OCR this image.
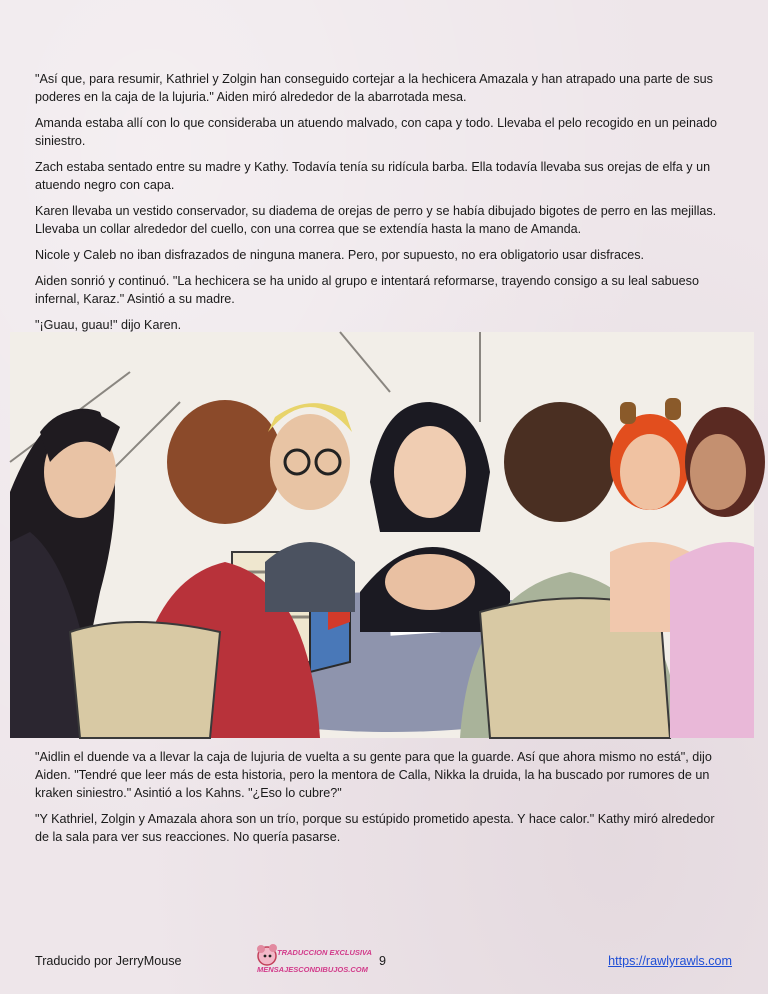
"Así que, para resumir, Kathriel y Zolgin han conseguido cortejar a la hechicera Amazala y han atrapado una parte de sus poderes en la caja de la lujuria." Aiden miró alrededor de la abarrotada mesa.

Amanda estaba allí con lo que consideraba un atuendo malvado, con capa y todo. Llevaba el pelo recogido en un peinado siniestro.

Zach estaba sentado entre su madre y Kathy. Todavía tenía su ridícula barba. Ella todavía llevaba sus orejas de elfa y un atuendo negro con capa.

Karen llevaba un vestido conservador, su diadema de orejas de perro y se había dibujado bigotes de perro en las mejillas. Llevaba un collar alrededor del cuello, con una correa que se extendía hasta la mano de Amanda.

Nicole y Caleb no iban disfrazados de ninguna manera. Pero, por supuesto, no era obligatorio usar disfraces.

Aiden sonrió y continuó. "La hechicera se ha unido al grupo e intentará reformarse, trayendo consigo a su leal sabueso infernal, Karaz." Asintió a su madre.

"¡Guau, guau!" dijo Karen.

"Aidlin el duende va a llevar la caja de lujuria de vuelta a su gente para que la guarde. Así que ahora mismo no está", dijo Aiden. "Tendré que leer más de esta historia, pero la mentora de Calla, Nikka la druida, la ha buscado por rumores de un kraken siniestro." Asintió a los Kahns. "¿Eso lo cubre?"

"Y Kathriel, Zolgin y Amazala ahora son un trío, porque su estúpido prometido apesta. Y hace calor." Kathy miró alrededor de la sala para ver sus reacciones. No quería pasarse.

Traducido por JerryMouse
TRADUCCION EXCLUSIVA
MENSAJESCONDIBUJOS.COM
9	https://rawlyrawls.com
